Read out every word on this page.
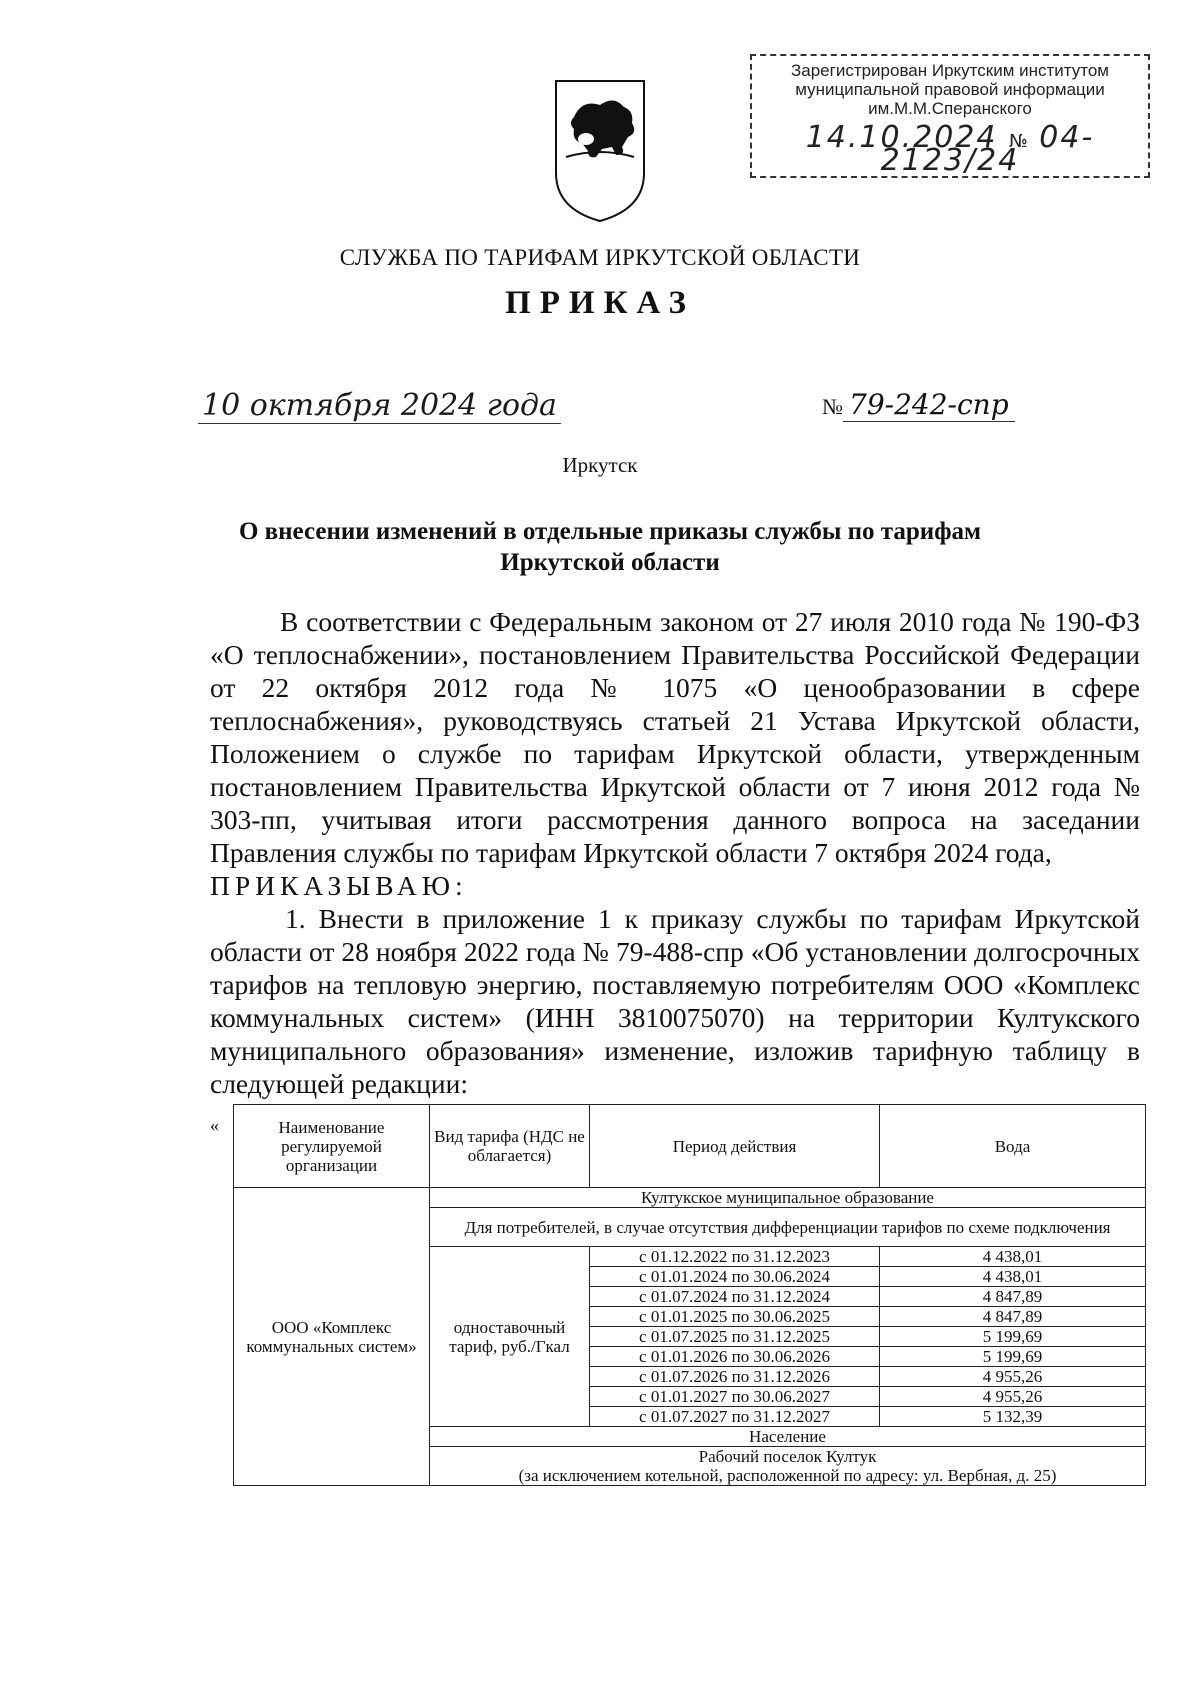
Зарегистрирован Иркутским институтом
муниципальной правовой информации
им.М.М.Сперанского
14.10.2024 № 04-2123/24
СЛУЖБА ПО ТАРИФАМ ИРКУТСКОЙ ОБЛАСТИ
ПРИКАЗ
10 октября 2024 года	№ 79-242-спр
Иркутск
О внесении изменений в отдельные приказы службы по тарифам Иркутской области

В соответствии с Федеральным законом от 27 июля 2010 года № 190-ФЗ «О теплоснабжении», постановлением Правительства Российской Федерации от 22 октября 2012 года № 1075 «О ценообразовании в сфере теплоснабжения», руководствуясь статьей 21 Устава Иркутской области, Положением о службе по тарифам Иркутской области, утвержденным постановлением Правительства Иркутской области от 7 июня 2012 года № 303-пп, учитывая итоги рассмотрения данного вопроса на заседании Правления службы по тарифам Иркутской области 7 октября 2024 года,

ПРИКАЗЫВАЮ:

1. Внести в приложение 1 к приказу службы по тарифам Иркутской области от 28 ноября 2022 года № 79-488-спр «Об установлении долгосрочных тарифов на тепловую энергию, поставляемую потребителям ООО «Комплекс коммунальных систем» (ИНН 3810075070) на территории Култукского муниципального образования» изменение, изложив тарифную таблицу в следующей редакции:

«	Наименование регулируемой организации	Вид тарифа (НДС не облагается)	Период действия	Вода
ООО «Комплекс коммунальных систем»	Култукское муниципальное образование		
	Для потребителей, в случае отсутствия дифференциации тарифов по схеме подключения		
	одноставочный тариф, руб./Гкал	с 01.12.2022 по 31.12.2023	4 438,01
		с 01.01.2024 по 30.06.2024	4 438,01
		с 01.07.2024 по 31.12.2024	4 847,89
		с 01.01.2025 по 30.06.2025	4 847,89
		с 01.07.2025 по 31.12.2025	5 199,69
		с 01.01.2026 по 30.06.2026	5 199,69
		с 01.07.2026 по 31.12.2026	4 955,26
		с 01.01.2027 по 30.06.2027	4 955,26
		с 01.07.2027 по 31.12.2027	5 132,39
	Население		

	Рабочий поселок Култук
(за исключением котельной, расположенной по адресу: ул. Вербная, д. 25)		
